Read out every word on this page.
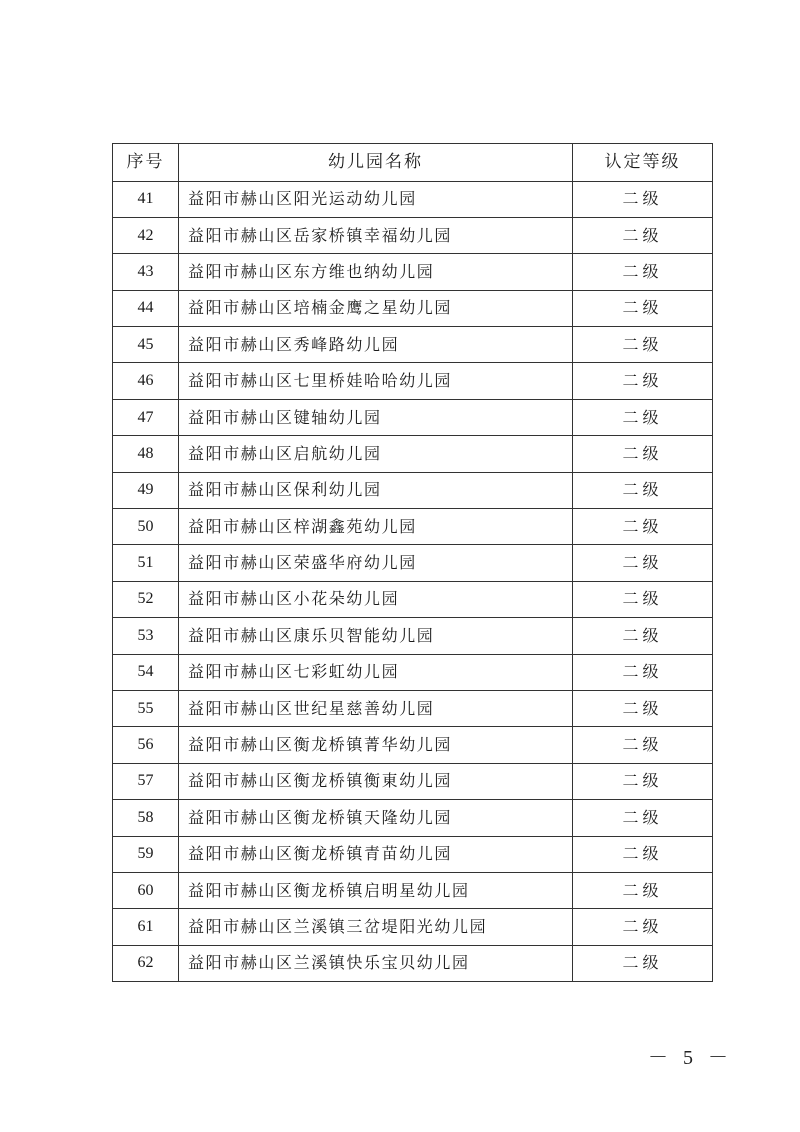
序号	幼儿园名称	认定等级
41	益阳市赫山区阳光运动幼儿园	二级
42	益阳市赫山区岳家桥镇幸福幼儿园	二级
43	益阳市赫山区东方维也纳幼儿园	二级
44	益阳市赫山区培楠金鹰之星幼儿园	二级
45	益阳市赫山区秀峰路幼儿园	二级
46	益阳市赫山区七里桥娃哈哈幼儿园	二级
47	益阳市赫山区键轴幼儿园	二级
48	益阳市赫山区启航幼儿园	二级
49	益阳市赫山区保利幼儿园	二级
50	益阳市赫山区梓湖鑫苑幼儿园	二级
51	益阳市赫山区荣盛华府幼儿园	二级
52	益阳市赫山区小花朵幼儿园	二级
53	益阳市赫山区康乐贝智能幼儿园	二级
54	益阳市赫山区七彩虹幼儿园	二级
55	益阳市赫山区世纪星慈善幼儿园	二级
56	益阳市赫山区衡龙桥镇菁华幼儿园	二级
57	益阳市赫山区衡龙桥镇衡東幼儿园	二级
58	益阳市赫山区衡龙桥镇天隆幼儿园	二级
59	益阳市赫山区衡龙桥镇青苗幼儿园	二级
60	益阳市赫山区衡龙桥镇启明星幼儿园	二级
61	益阳市赫山区兰溪镇三岔堤阳光幼儿园	二级
62	益阳市赫山区兰溪镇快乐宝贝幼儿园	二级
－ 5 －
